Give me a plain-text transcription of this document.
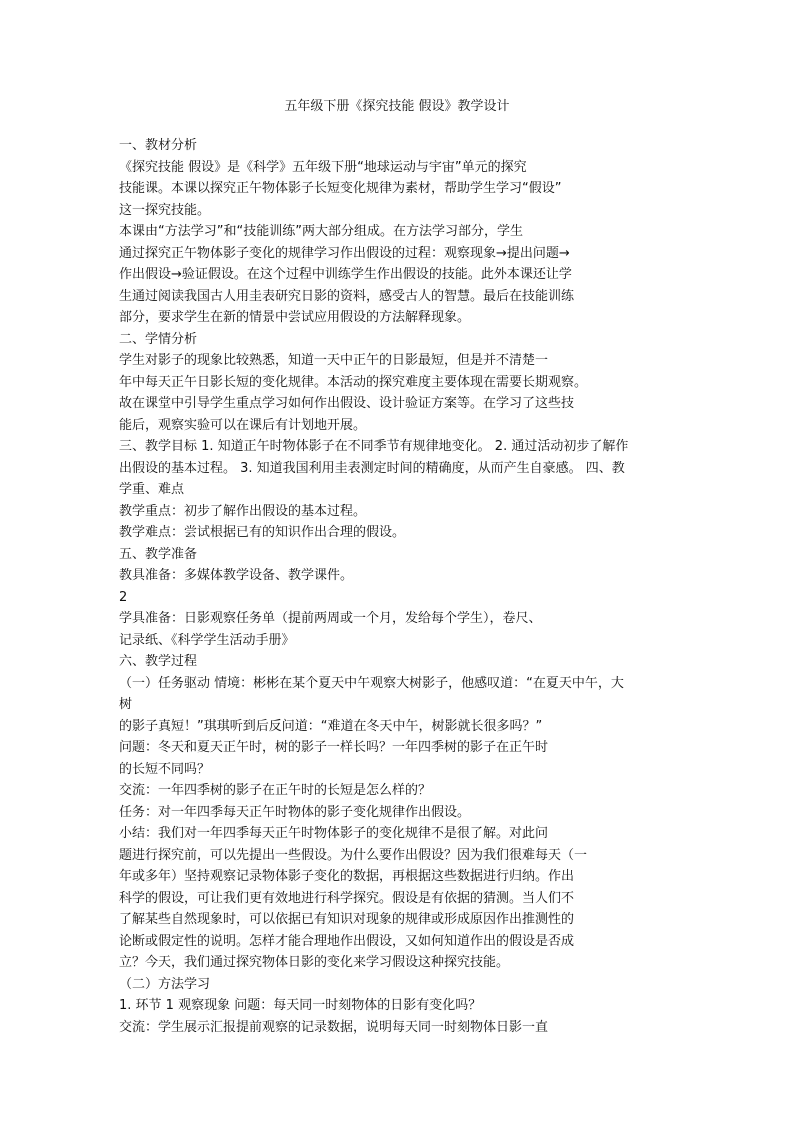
五年级下册《探究技能 假设》教学设计
一、教材分析
《探究技能 假设》是《科学》五年级下册“地球运动与宇宙”单元的探究
技能课。本课以探究正午物体影子长短变化规律为素材，帮助学生学习“假设”
这一探究技能。
本课由“方法学习”和“技能训练”两大部分组成。在方法学习部分，学生
通过探究正午物体影子变化的规律学习作出假设的过程：观察现象→提出问题→
作出假设→验证假设。在这个过程中训练学生作出假设的技能。此外本课还让学
生通过阅读我国古人用圭表研究日影的资料，感受古人的智慧。最后在技能训练
部分，要求学生在新的情景中尝试应用假设的方法解释现象。
二、学情分析
学生对影子的现象比较熟悉，知道一天中正午的日影最短，但是并不清楚一
年中每天正午日影长短的变化规律。本活动的探究难度主要体现在需要长期观察。
故在课堂中引导学生重点学习如何作出假设、设计验证方案等。在学习了这些技
能后，观察实验可以在课后有计划地开展。
三、教学目标 1. 知道正午时物体影子在不同季节有规律地变化。 2. 通过活动初步了解作
出假设的基本过程。 3. 知道我国利用圭表测定时间的精确度，从而产生自豪感。 四、教
学重、难点
教学重点：初步了解作出假设的基本过程。
教学难点：尝试根据已有的知识作出合理的假设。
五、教学准备
教具准备：多媒体教学设备、教学课件。
2
学具准备：日影观察任务单（提前两周或一个月，发给每个学生），卷尺、
记录纸、《科学学生活动手册》
六、教学过程
（一）任务驱动 情境：彬彬在某个夏天中午观察大树影子，他感叹道：“在夏天中午，大
树
的影子真短！”琪琪听到后反问道：“难道在冬天中午，树影就长很多吗？”
问题：冬天和夏天正午时，树的影子一样长吗？一年四季树的影子在正午时
的长短不同吗？
交流：一年四季树的影子在正午时的长短是怎么样的？
任务：对一年四季每天正午时物体的影子变化规律作出假设。
小结：我们对一年四季每天正午时物体影子的变化规律不是很了解。对此问
题进行探究前，可以先提出一些假设。为什么要作出假设？因为我们很难每天（一
年或多年）坚持观察记录物体影子变化的数据，再根据这些数据进行归纳。作出
科学的假设，可让我们更有效地进行科学探究。假设是有依据的猜测。当人们不
了解某些自然现象时，可以依据已有知识对现象的规律或形成原因作出推测性的
论断或假定性的说明。怎样才能合理地作出假设，又如何知道作出的假设是否成
立？今天，我们通过探究物体日影的变化来学习假设这种探究技能。
（二）方法学习
1. 环节 1 观察现象 问题：每天同一时刻物体的日影有变化吗？
交流：学生展示汇报提前观察的记录数据，说明每天同一时刻物体日影一直
